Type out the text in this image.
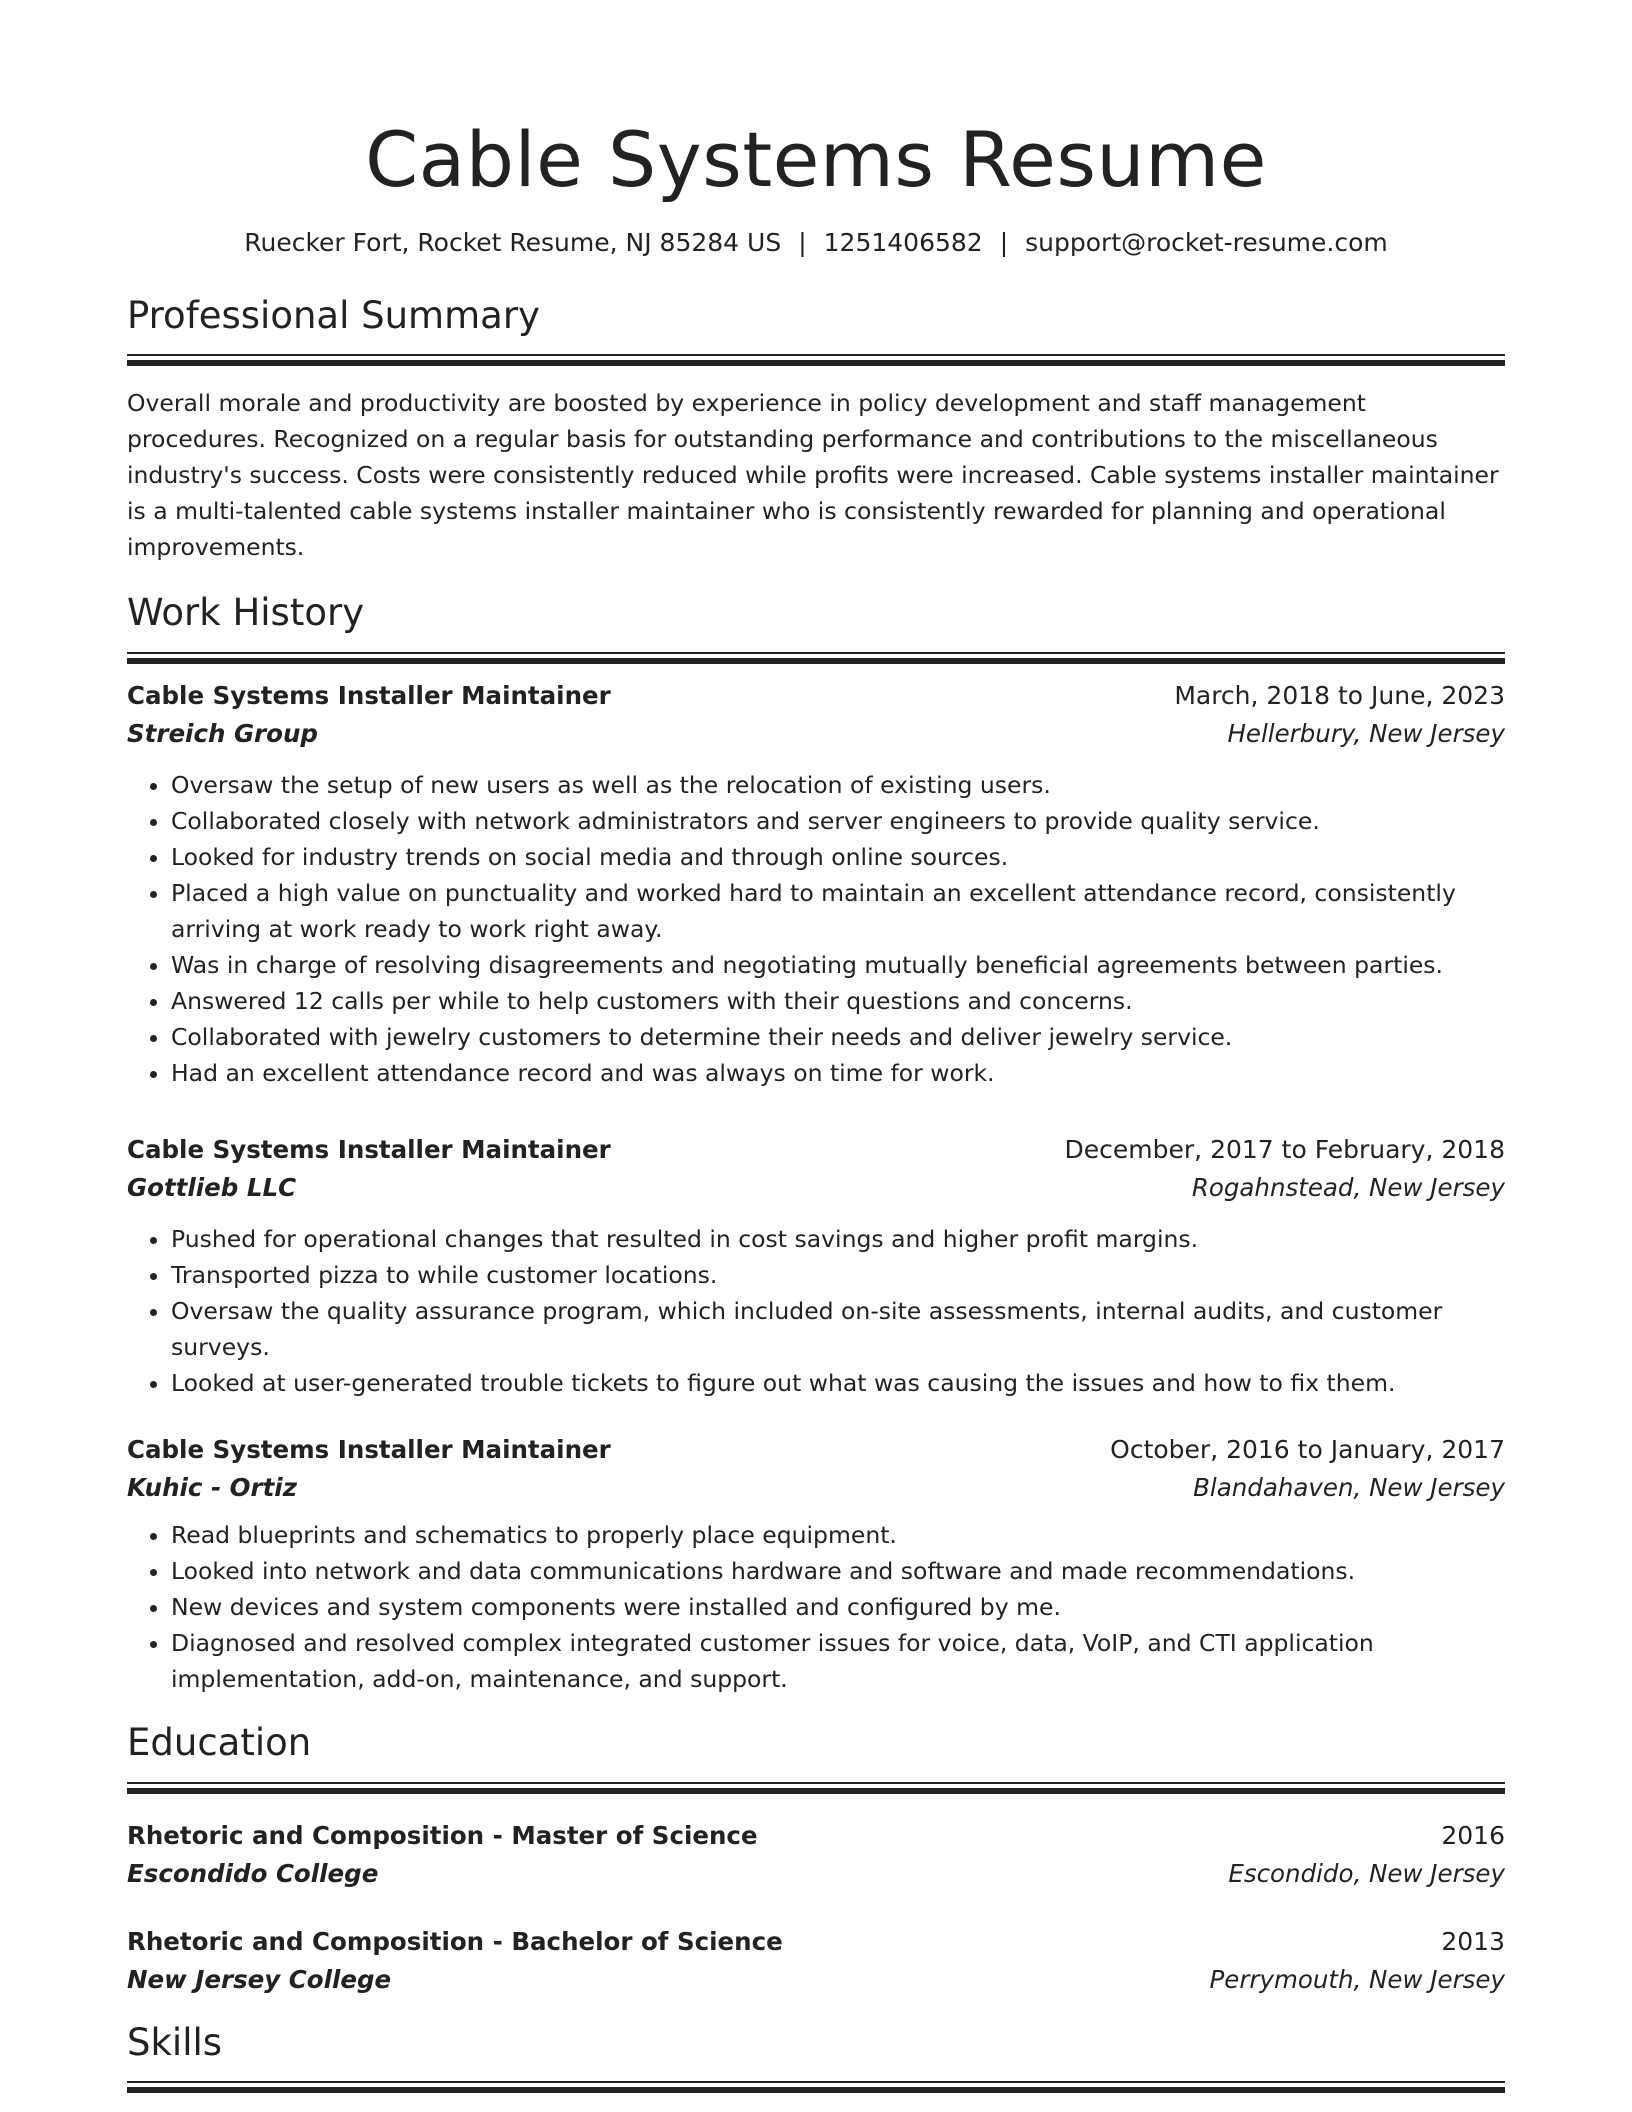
Cable Systems Resume
Ruecker Fort, Rocket Resume, NJ 85284 US | 1251406582 | support@rocket-resume.com
Professional Summary
Overall morale and productivity are boosted by experience in policy development and staff management procedures. Recognized on a regular basis for outstanding performance and contributions to the miscellaneous industry's success. Costs were consistently reduced while profits were increased. Cable systems installer maintainer is a multi-talented cable systems installer maintainer who is consistently rewarded for planning and operational improvements.
Work History
Cable Systems Installer Maintainer	March, 2018 to June, 2023
Streich Group	Hellerbury, New Jersey
• Oversaw the setup of new users as well as the relocation of existing users.
• Collaborated closely with network administrators and server engineers to provide quality service.
• Looked for industry trends on social media and through online sources.
• Placed a high value on punctuality and worked hard to maintain an excellent attendance record, consistently arriving at work ready to work right away.
• Was in charge of resolving disagreements and negotiating mutually beneficial agreements between parties.
• Answered 12 calls per while to help customers with their questions and concerns.
• Collaborated with jewelry customers to determine their needs and deliver jewelry service.
• Had an excellent attendance record and was always on time for work.
Cable Systems Installer Maintainer	December, 2017 to February, 2018
Gottlieb LLC	Rogahnstead, New Jersey
• Pushed for operational changes that resulted in cost savings and higher profit margins.
• Transported pizza to while customer locations.
• Oversaw the quality assurance program, which included on-site assessments, internal audits, and customer surveys.
• Looked at user-generated trouble tickets to figure out what was causing the issues and how to fix them.
Cable Systems Installer Maintainer	October, 2016 to January, 2017
Kuhic - Ortiz	Blandahaven, New Jersey
• Read blueprints and schematics to properly place equipment.
• Looked into network and data communications hardware and software and made recommendations.
• New devices and system components were installed and configured by me.
• Diagnosed and resolved complex integrated customer issues for voice, data, VoIP, and CTI application implementation, add-on, maintenance, and support.
Education
Rhetoric and Composition - Master of Science	2016
Escondido College	Escondido, New Jersey
Rhetoric and Composition - Bachelor of Science	2013
New Jersey College	Perrymouth, New Jersey
Skills
